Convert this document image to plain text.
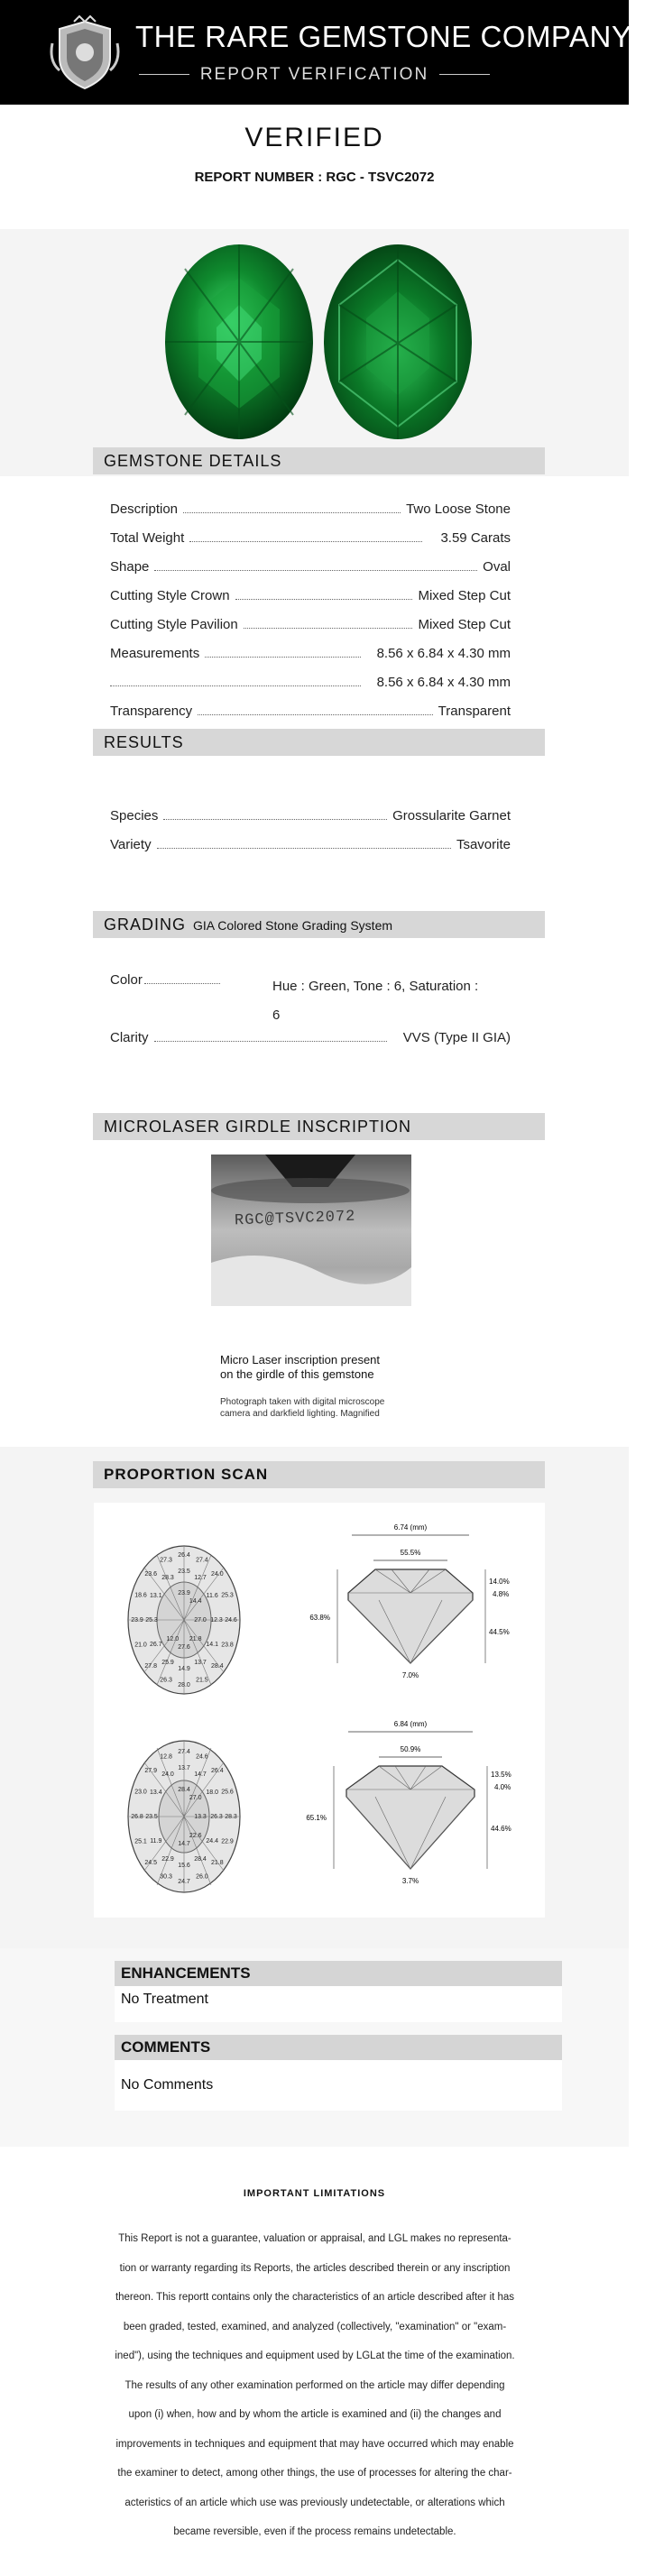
THE RARE GEMSTONE COMPANY ™
REPORT VERIFICATION
VERIFIED
REPORT NUMBER : RGC - TSVC2072
GEMSTONE DETAILS
Description	Two Loose Stone
Total Weight	3.59 Carats
Shape	Oval
Cutting Style Crown	Mixed Step Cut
Cutting Style Pavilion	Mixed Step Cut
Measurements	8.56 x 6.84 x 4.30 mm
8.56 x 6.84 x 4.30 mm
Transparency	Transparent
RESULTS
Species	Grossularite Garnet
Variety	Tsavorite
GRADING GIA Colored Stone Grading System
Color	Hue : Green, Tone : 6, Saturation :
6
Clarity	VVS (Type II GIA)
MICROLASER GIRDLE INSCRIPTION
RGC@TSVC2072
Micro Laser inscription present
on the girdle of this gemstone
Photograph taken with digital microscope
camera and darkfield lighting. Magnified
PROPORTION SCAN
26.4
27.4
24.0
25.3
24.6
23.8
28.4
21.5
28.0
26.3
27.8
21.0
23.9
18.6
23.6
27.3
23.5
12.7
11.6
12.3
14.1
13.7
14.9
25.9
26.7
25.3
13.1
28.3
23.9
14.4
27.0
21.8
27.6
12.0
6.74 (mm)
55.5%
63.8%
14.0%
4.8%
44.5%
7.0%
27.4
24.6
26.4
25.6
28.3
22.9
21.8
26.0
24.7
30.3
24.5
25.1
26.8
23.0
27.9
12.8
13.7
14.7
18.0
26.3
24.4
28.4
15.6
22.9
11.9
23.5
13.4
24.0
28.4
27.0
13.3
22.6
14.7
6.84 (mm)
50.9%
65.1%
13.5%
4.0%
44.6%
3.7%
ENHANCEMENTS
No Treatment
COMMENTS
No Comments
IMPORTANT LIMITATIONS
This Report is not a guarantee, valuation or appraisal, and LGL makes no representa-
tion or warranty regarding its Reports, the articles described therein or any inscription
thereon. This reportt contains only the characteristics of an article described after it has
been graded, tested, examined, and analyzed (collectively, "examination" or "exam-
ined"), using the techniques and equipment used by LGLat the time of the examination.
The results of any other examination performed on the article may differ depending
upon (i) when, how and by whom the article is examined and (ii) the changes and
improvements in techniques and equipment that may have occurred which may enable
the examiner to detect, among other things, the use of processes for altering the char-
acteristics of an article which use was previously undetectable, or alterations which
became reversible, even if the process remains undetectable.
